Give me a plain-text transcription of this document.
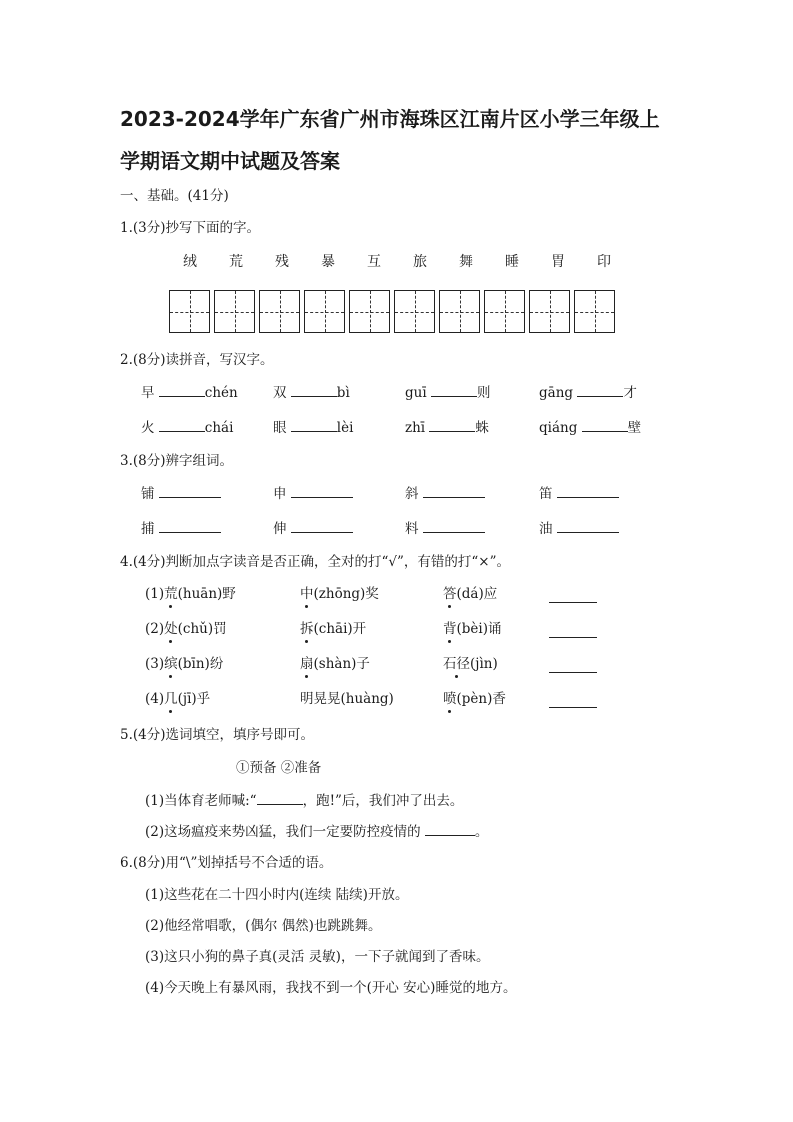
2023-2024学年广东省广州市海珠区江南片区小学三年级上
学期语文期中试题及答案
一、基础。(41分)
1.(3分)抄写下面的字。
绒 荒 残 暴 互 旅 舞 睡 胃 印
2.(8分)读拼音，写汉字。
早	chén	双	bì	guī	则	gāng	才
火	chái	眼	lèi	zhī	蛛	qiáng	壁
3.(8分)辨字组词。
铺	申	斜	笛
捕	伸	料	油
4.(4分)判断加点字读音是否正确，全对的打“√”，有错的打“×”。
(1)荒(huān)野	中(zhōng)奖	答(dá)应
(2)处(chǔ)罚	拆(chāi)开	背(bèi)诵
(3)缤(bīn)纷	扇(shàn)子	石径(jìn)
(4)几(jī)乎	明晃晃(huàng)	喷(pèn)香
5.(4分)选词填空，填序号即可。
①预备 ②准备
(1)当体育老师喊:“	，跑!”后，我们冲了出去。
(2)这场瘟疫来势凶猛，我们一定要防控疫情的	。
6.(8分)用“\”划掉括号不合适的语。
(1)这些花在二十四小时内(连续 陆续)开放。
(2)他经常唱歌，(偶尔 偶然)也跳跳舞。
(3)这只小狗的鼻子真(灵活 灵敏)，一下子就闻到了香味。
(4)今天晚上有暴风雨，我找不到一个(开心 安心)睡觉的地方。
